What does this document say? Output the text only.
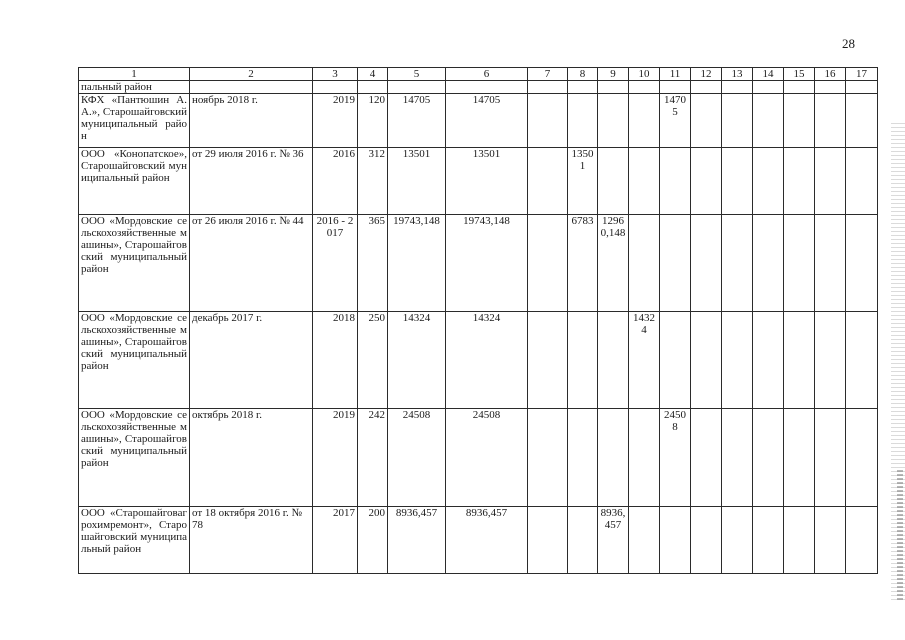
28
1	2	3	4	5	6	7	8	9	10	11	12	13	14	15	16	17
пальный район																
КФХ «Пантюшин А.А.», Старошайговский муниципальный район	ноябрь 2018 г.	2019	120	14705	14705					14705						
ООО «Конопатское», Старошайговский муниципальный район	от 29 июля 2016 г. № 36	2016	312	13501	13501		13501									
ООО «Мордовские сельскохозяйственные машины», Старошайговский муниципальный район	от 26 июля 2016 г. № 44	2016 - 2017	365	19743,148	19743,148		6783	12960,148								
ООО «Мордовские сельскохозяйственные машины», Старошайговский муниципальный район	декабрь 2017 г.	2018	250	14324	14324				14324							
ООО «Мордовские сельскохозяйственные машины», Старошайговский муниципальный район	октябрь 2018 г.	2019	242	24508	24508					24508						
ООО «Старошайговагрохимремонт», Старошайговский муниципальный район	от 18 октября 2016 г. № 78	2017	200	8936,457	8936,457			8936,457								
